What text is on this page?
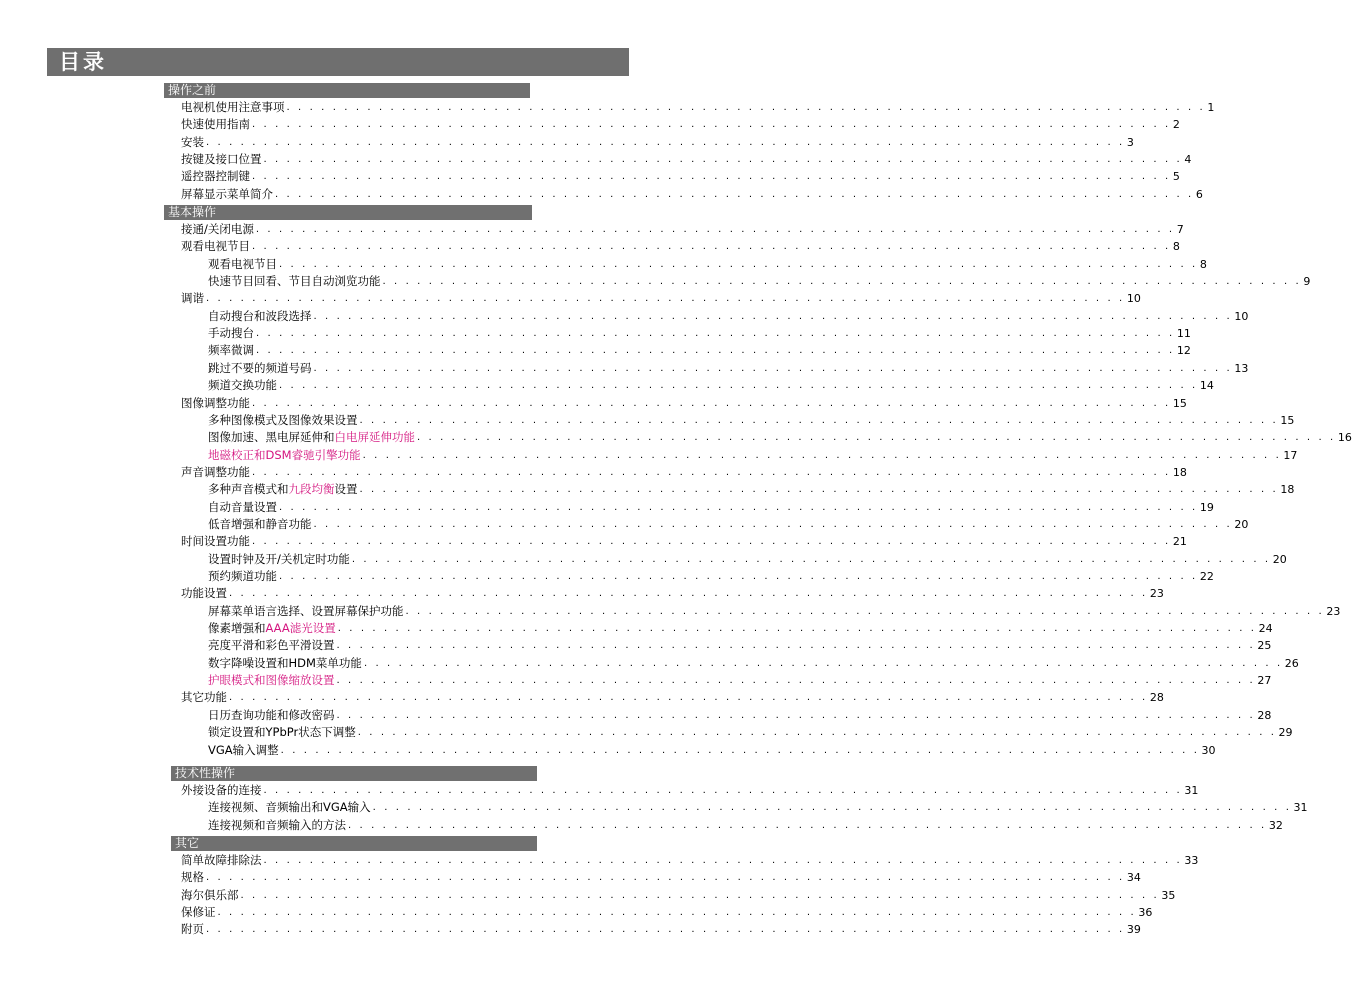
目录
操作之前
电视机使用注意事项 . . . . . . . . . . . . . . . . . . . . . . . . . . . . . . . . . . . . . . . . . . . . . . . . . . . . . . . . . . . . . . . . . . . . . . . . . . . . . . . . 1
快速使用指南 . . . . . . . . . . . . . . . . . . . . . . . . . . . . . . . . . . . . . . . . . . . . . . . . . . . . . . . . . . . . . . . . . . . . . . . . . . . . . . . . 2
安装 . . . . . . . . . . . . . . . . . . . . . . . . . . . . . . . . . . . . . . . . . . . . . . . . . . . . . . . . . . . . . . . . . . . . . . . . . . . . . . . . 3
按键及接口位置 . . . . . . . . . . . . . . . . . . . . . . . . . . . . . . . . . . . . . . . . . . . . . . . . . . . . . . . . . . . . . . . . . . . . . . . . . . . . . . . . 4
遥控器控制键 . . . . . . . . . . . . . . . . . . . . . . . . . . . . . . . . . . . . . . . . . . . . . . . . . . . . . . . . . . . . . . . . . . . . . . . . . . . . . . . . 5
屏幕显示菜单简介 . . . . . . . . . . . . . . . . . . . . . . . . . . . . . . . . . . . . . . . . . . . . . . . . . . . . . . . . . . . . . . . . . . . . . . . . . . . . . . . . 6
基本操作
接通/关闭电源 . . . . . . . . . . . . . . . . . . . . . . . . . . . . . . . . . . . . . . . . . . . . . . . . . . . . . . . . . . . . . . . . . . . . . . . . . . . . . . . . 7
观看电视节目 . . . . . . . . . . . . . . . . . . . . . . . . . . . . . . . . . . . . . . . . . . . . . . . . . . . . . . . . . . . . . . . . . . . . . . . . . . . . . . . . 8
观看电视节目 . . . . . . . . . . . . . . . . . . . . . . . . . . . . . . . . . . . . . . . . . . . . . . . . . . . . . . . . . . . . . . . . . . . . . . . . . . . . . . . . 8
快速节目回看、节目自动浏览功能 . . . . . . . . . . . . . . . . . . . . . . . . . . . . . . . . . . . . . . . . . . . . . . . . . . . . . . . . . . . . . . . . . . . . . . . . . . . . . . . . 9
调谐 . . . . . . . . . . . . . . . . . . . . . . . . . . . . . . . . . . . . . . . . . . . . . . . . . . . . . . . . . . . . . . . . . . . . . . . . . . . . . . . . 10
自动搜台和波段选择 . . . . . . . . . . . . . . . . . . . . . . . . . . . . . . . . . . . . . . . . . . . . . . . . . . . . . . . . . . . . . . . . . . . . . . . . . . . . . . . . 10
手动搜台 . . . . . . . . . . . . . . . . . . . . . . . . . . . . . . . . . . . . . . . . . . . . . . . . . . . . . . . . . . . . . . . . . . . . . . . . . . . . . . . . 11
频率微调 . . . . . . . . . . . . . . . . . . . . . . . . . . . . . . . . . . . . . . . . . . . . . . . . . . . . . . . . . . . . . . . . . . . . . . . . . . . . . . . . 12
跳过不要的频道号码 . . . . . . . . . . . . . . . . . . . . . . . . . . . . . . . . . . . . . . . . . . . . . . . . . . . . . . . . . . . . . . . . . . . . . . . . . . . . . . . . 13
频道交换功能 . . . . . . . . . . . . . . . . . . . . . . . . . . . . . . . . . . . . . . . . . . . . . . . . . . . . . . . . . . . . . . . . . . . . . . . . . . . . . . . . 14
图像调整功能 . . . . . . . . . . . . . . . . . . . . . . . . . . . . . . . . . . . . . . . . . . . . . . . . . . . . . . . . . . . . . . . . . . . . . . . . . . . . . . . . 15
多种图像模式及图像效果设置 . . . . . . . . . . . . . . . . . . . . . . . . . . . . . . . . . . . . . . . . . . . . . . . . . . . . . . . . . . . . . . . . . . . . . . . . . . . . . . . . 15
图像加速、黑电屏延伸和白电屏延伸功能 . . . . . . . . . . . . . . . . . . . . . . . . . . . . . . . . . . . . . . . . . . . . . . . . . . . . . . . . . . . . . . . . . . . . . . . . . . . . . . . . 16
地磁校正和DSM睿驰引擎功能 . . . . . . . . . . . . . . . . . . . . . . . . . . . . . . . . . . . . . . . . . . . . . . . . . . . . . . . . . . . . . . . . . . . . . . . . . . . . . . . . 17
声音调整功能 . . . . . . . . . . . . . . . . . . . . . . . . . . . . . . . . . . . . . . . . . . . . . . . . . . . . . . . . . . . . . . . . . . . . . . . . . . . . . . . . 18
多种声音模式和九段均衡设置 . . . . . . . . . . . . . . . . . . . . . . . . . . . . . . . . . . . . . . . . . . . . . . . . . . . . . . . . . . . . . . . . . . . . . . . . . . . . . . . . 18
自动音量设置 . . . . . . . . . . . . . . . . . . . . . . . . . . . . . . . . . . . . . . . . . . . . . . . . . . . . . . . . . . . . . . . . . . . . . . . . . . . . . . . . 19
低音增强和静音功能 . . . . . . . . . . . . . . . . . . . . . . . . . . . . . . . . . . . . . . . . . . . . . . . . . . . . . . . . . . . . . . . . . . . . . . . . . . . . . . . . 20
时间设置功能 . . . . . . . . . . . . . . . . . . . . . . . . . . . . . . . . . . . . . . . . . . . . . . . . . . . . . . . . . . . . . . . . . . . . . . . . . . . . . . . . 21
设置时钟及开/关机定时功能 . . . . . . . . . . . . . . . . . . . . . . . . . . . . . . . . . . . . . . . . . . . . . . . . . . . . . . . . . . . . . . . . . . . . . . . . . . . . . . . . 20
预约频道功能 . . . . . . . . . . . . . . . . . . . . . . . . . . . . . . . . . . . . . . . . . . . . . . . . . . . . . . . . . . . . . . . . . . . . . . . . . . . . . . . . 22
功能设置 . . . . . . . . . . . . . . . . . . . . . . . . . . . . . . . . . . . . . . . . . . . . . . . . . . . . . . . . . . . . . . . . . . . . . . . . . . . . . . . . 23
屏幕菜单语言选择、设置屏幕保护功能 . . . . . . . . . . . . . . . . . . . . . . . . . . . . . . . . . . . . . . . . . . . . . . . . . . . . . . . . . . . . . . . . . . . . . . . . . . . . . . . . 23
像素增强和AAA滤光设置 . . . . . . . . . . . . . . . . . . . . . . . . . . . . . . . . . . . . . . . . . . . . . . . . . . . . . . . . . . . . . . . . . . . . . . . . . . . . . . . . 24
亮度平滑和彩色平滑设置 . . . . . . . . . . . . . . . . . . . . . . . . . . . . . . . . . . . . . . . . . . . . . . . . . . . . . . . . . . . . . . . . . . . . . . . . . . . . . . . . 25
数字降噪设置和HDM菜单功能 . . . . . . . . . . . . . . . . . . . . . . . . . . . . . . . . . . . . . . . . . . . . . . . . . . . . . . . . . . . . . . . . . . . . . . . . . . . . . . . . 26
护眼模式和图像缩放设置 . . . . . . . . . . . . . . . . . . . . . . . . . . . . . . . . . . . . . . . . . . . . . . . . . . . . . . . . . . . . . . . . . . . . . . . . . . . . . . . . 27
其它功能 . . . . . . . . . . . . . . . . . . . . . . . . . . . . . . . . . . . . . . . . . . . . . . . . . . . . . . . . . . . . . . . . . . . . . . . . . . . . . . . . 28
日历查询功能和修改密码 . . . . . . . . . . . . . . . . . . . . . . . . . . . . . . . . . . . . . . . . . . . . . . . . . . . . . . . . . . . . . . . . . . . . . . . . . . . . . . . . 28
锁定设置和YPbPr状态下调整 . . . . . . . . . . . . . . . . . . . . . . . . . . . . . . . . . . . . . . . . . . . . . . . . . . . . . . . . . . . . . . . . . . . . . . . . . . . . . . . . 29
VGA输入调整 . . . . . . . . . . . . . . . . . . . . . . . . . . . . . . . . . . . . . . . . . . . . . . . . . . . . . . . . . . . . . . . . . . . . . . . . . . . . . . . . 30
技术性操作
外接设备的连接 . . . . . . . . . . . . . . . . . . . . . . . . . . . . . . . . . . . . . . . . . . . . . . . . . . . . . . . . . . . . . . . . . . . . . . . . . . . . . . . . 31
连接视频、音频输出和VGA输入 . . . . . . . . . . . . . . . . . . . . . . . . . . . . . . . . . . . . . . . . . . . . . . . . . . . . . . . . . . . . . . . . . . . . . . . . . . . . . . . . 31
连接视频和音频输入的方法 . . . . . . . . . . . . . . . . . . . . . . . . . . . . . . . . . . . . . . . . . . . . . . . . . . . . . . . . . . . . . . . . . . . . . . . . . . . . . . . . 32
其它
简单故障排除法 . . . . . . . . . . . . . . . . . . . . . . . . . . . . . . . . . . . . . . . . . . . . . . . . . . . . . . . . . . . . . . . . . . . . . . . . . . . . . . . . 33
规格 . . . . . . . . . . . . . . . . . . . . . . . . . . . . . . . . . . . . . . . . . . . . . . . . . . . . . . . . . . . . . . . . . . . . . . . . . . . . . . . . 34
海尔俱乐部 . . . . . . . . . . . . . . . . . . . . . . . . . . . . . . . . . . . . . . . . . . . . . . . . . . . . . . . . . . . . . . . . . . . . . . . . . . . . . . . . 35
保修证 . . . . . . . . . . . . . . . . . . . . . . . . . . . . . . . . . . . . . . . . . . . . . . . . . . . . . . . . . . . . . . . . . . . . . . . . . . . . . . . . 36
附页 . . . . . . . . . . . . . . . . . . . . . . . . . . . . . . . . . . . . . . . . . . . . . . . . . . . . . . . . . . . . . . . . . . . . . . . . . . . . . . . . 39
